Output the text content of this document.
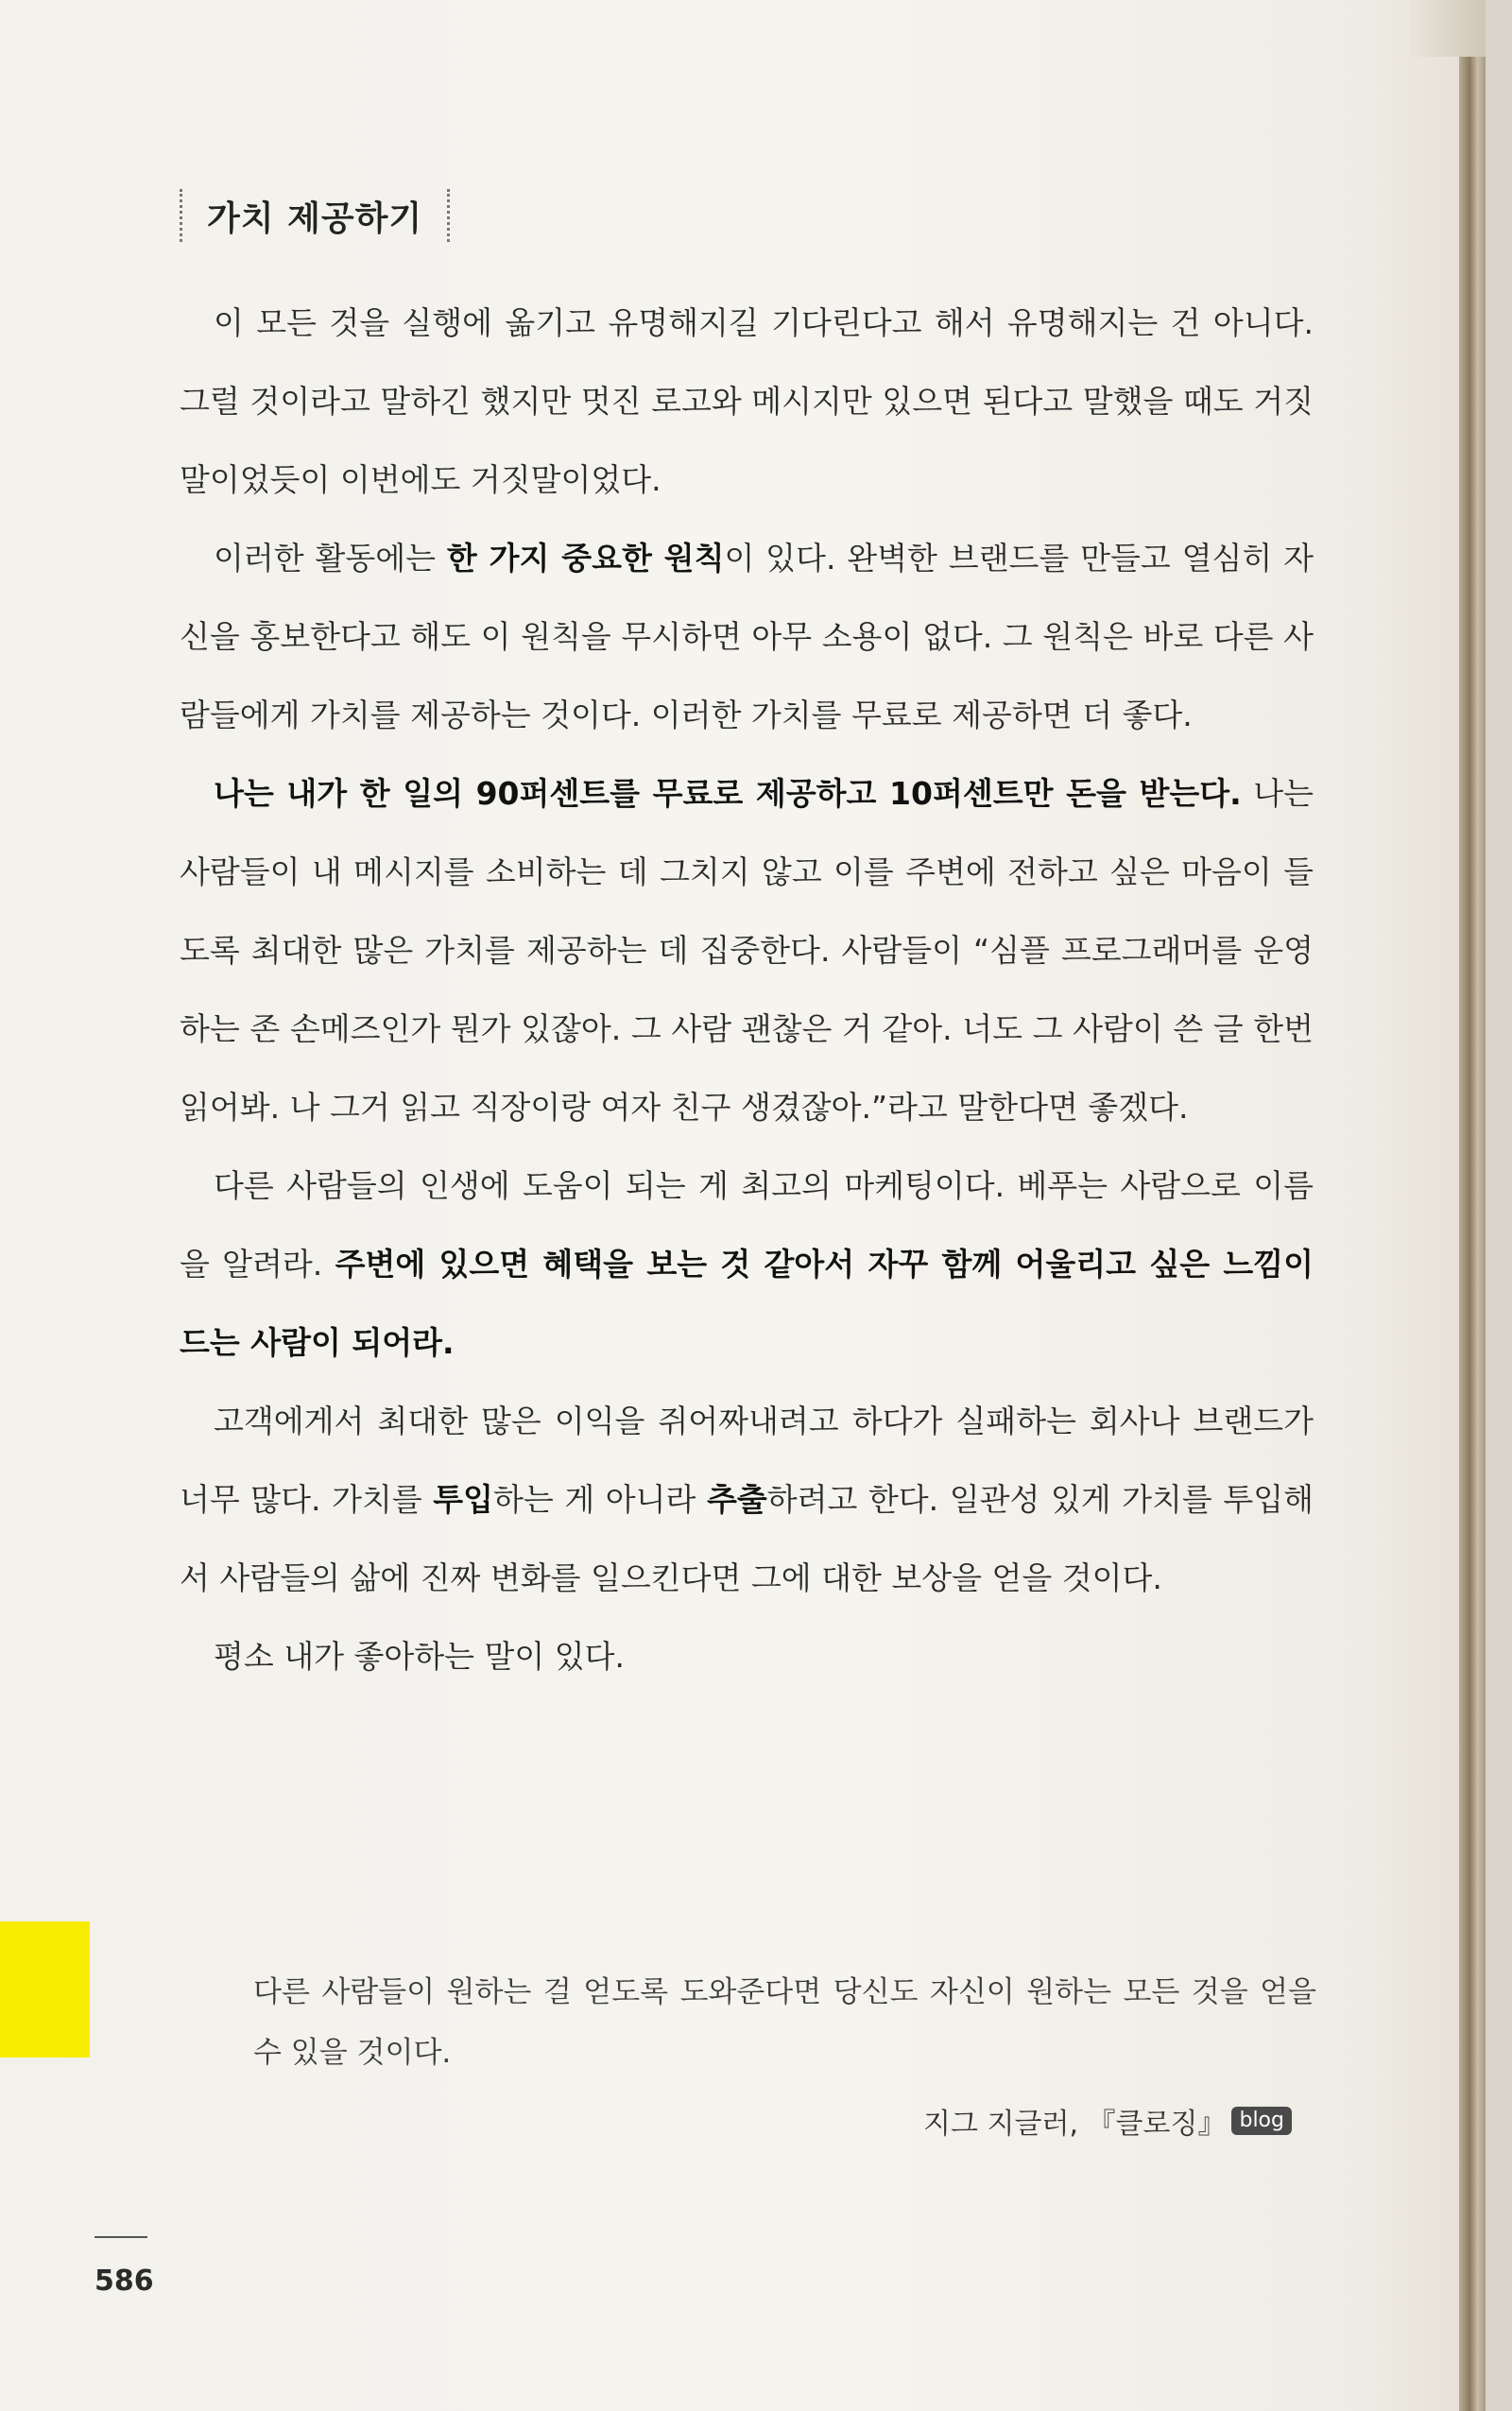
가치 제공하기

이 모든 것을 실행에 옮기고 유명해지길 기다린다고 해서 유명해지는 건 아니다. 그럴 것이라고 말하긴 했지만 멋진 로고와 메시지만 있으면 된다고 말했을 때도 거짓말이었듯이 이번에도 거짓말이었다.

이러한 활동에는 한 가지 중요한 원칙이 있다. 완벽한 브랜드를 만들고 열심히 자신을 홍보한다고 해도 이 원칙을 무시하면 아무 소용이 없다. 그 원칙은 바로 다른 사람들에게 가치를 제공하는 것이다. 이러한 가치를 무료로 제공하면 더 좋다.

나는 내가 한 일의 90퍼센트를 무료로 제공하고 10퍼센트만 돈을 받는다. 나는 사람들이 내 메시지를 소비하는 데 그치지 않고 이를 주변에 전하고 싶은 마음이 들도록 최대한 많은 가치를 제공하는 데 집중한다. 사람들이 “심플 프로그래머를 운영하는 존 손메즈인가 뭔가 있잖아. 그 사람 괜찮은 거 같아. 너도 그 사람이 쓴 글 한번 읽어봐. 나 그거 읽고 직장이랑 여자 친구 생겼잖아.”라고 말한다면 좋겠다.

다른 사람들의 인생에 도움이 되는 게 최고의 마케팅이다. 베푸는 사람으로 이름을 알려라. 주변에 있으면 혜택을 보는 것 같아서 자꾸 함께 어울리고 싶은 느낌이 드는 사람이 되어라.

고객에게서 최대한 많은 이익을 쥐어짜내려고 하다가 실패하는 회사나 브랜드가 너무 많다. 가치를 투입하는 게 아니라 추출하려고 한다. 일관성 있게 가치를 투입해서 사람들의 삶에 진짜 변화를 일으킨다면 그에 대한 보상을 얻을 것이다.

평소 내가 좋아하는 말이 있다.

다른 사람들이 원하는 걸 얻도록 도와준다면 당신도 자신이 원하는 모든 것을 얻을 수 있을 것이다.

지그 지글러, 『클로징』 blog
586
